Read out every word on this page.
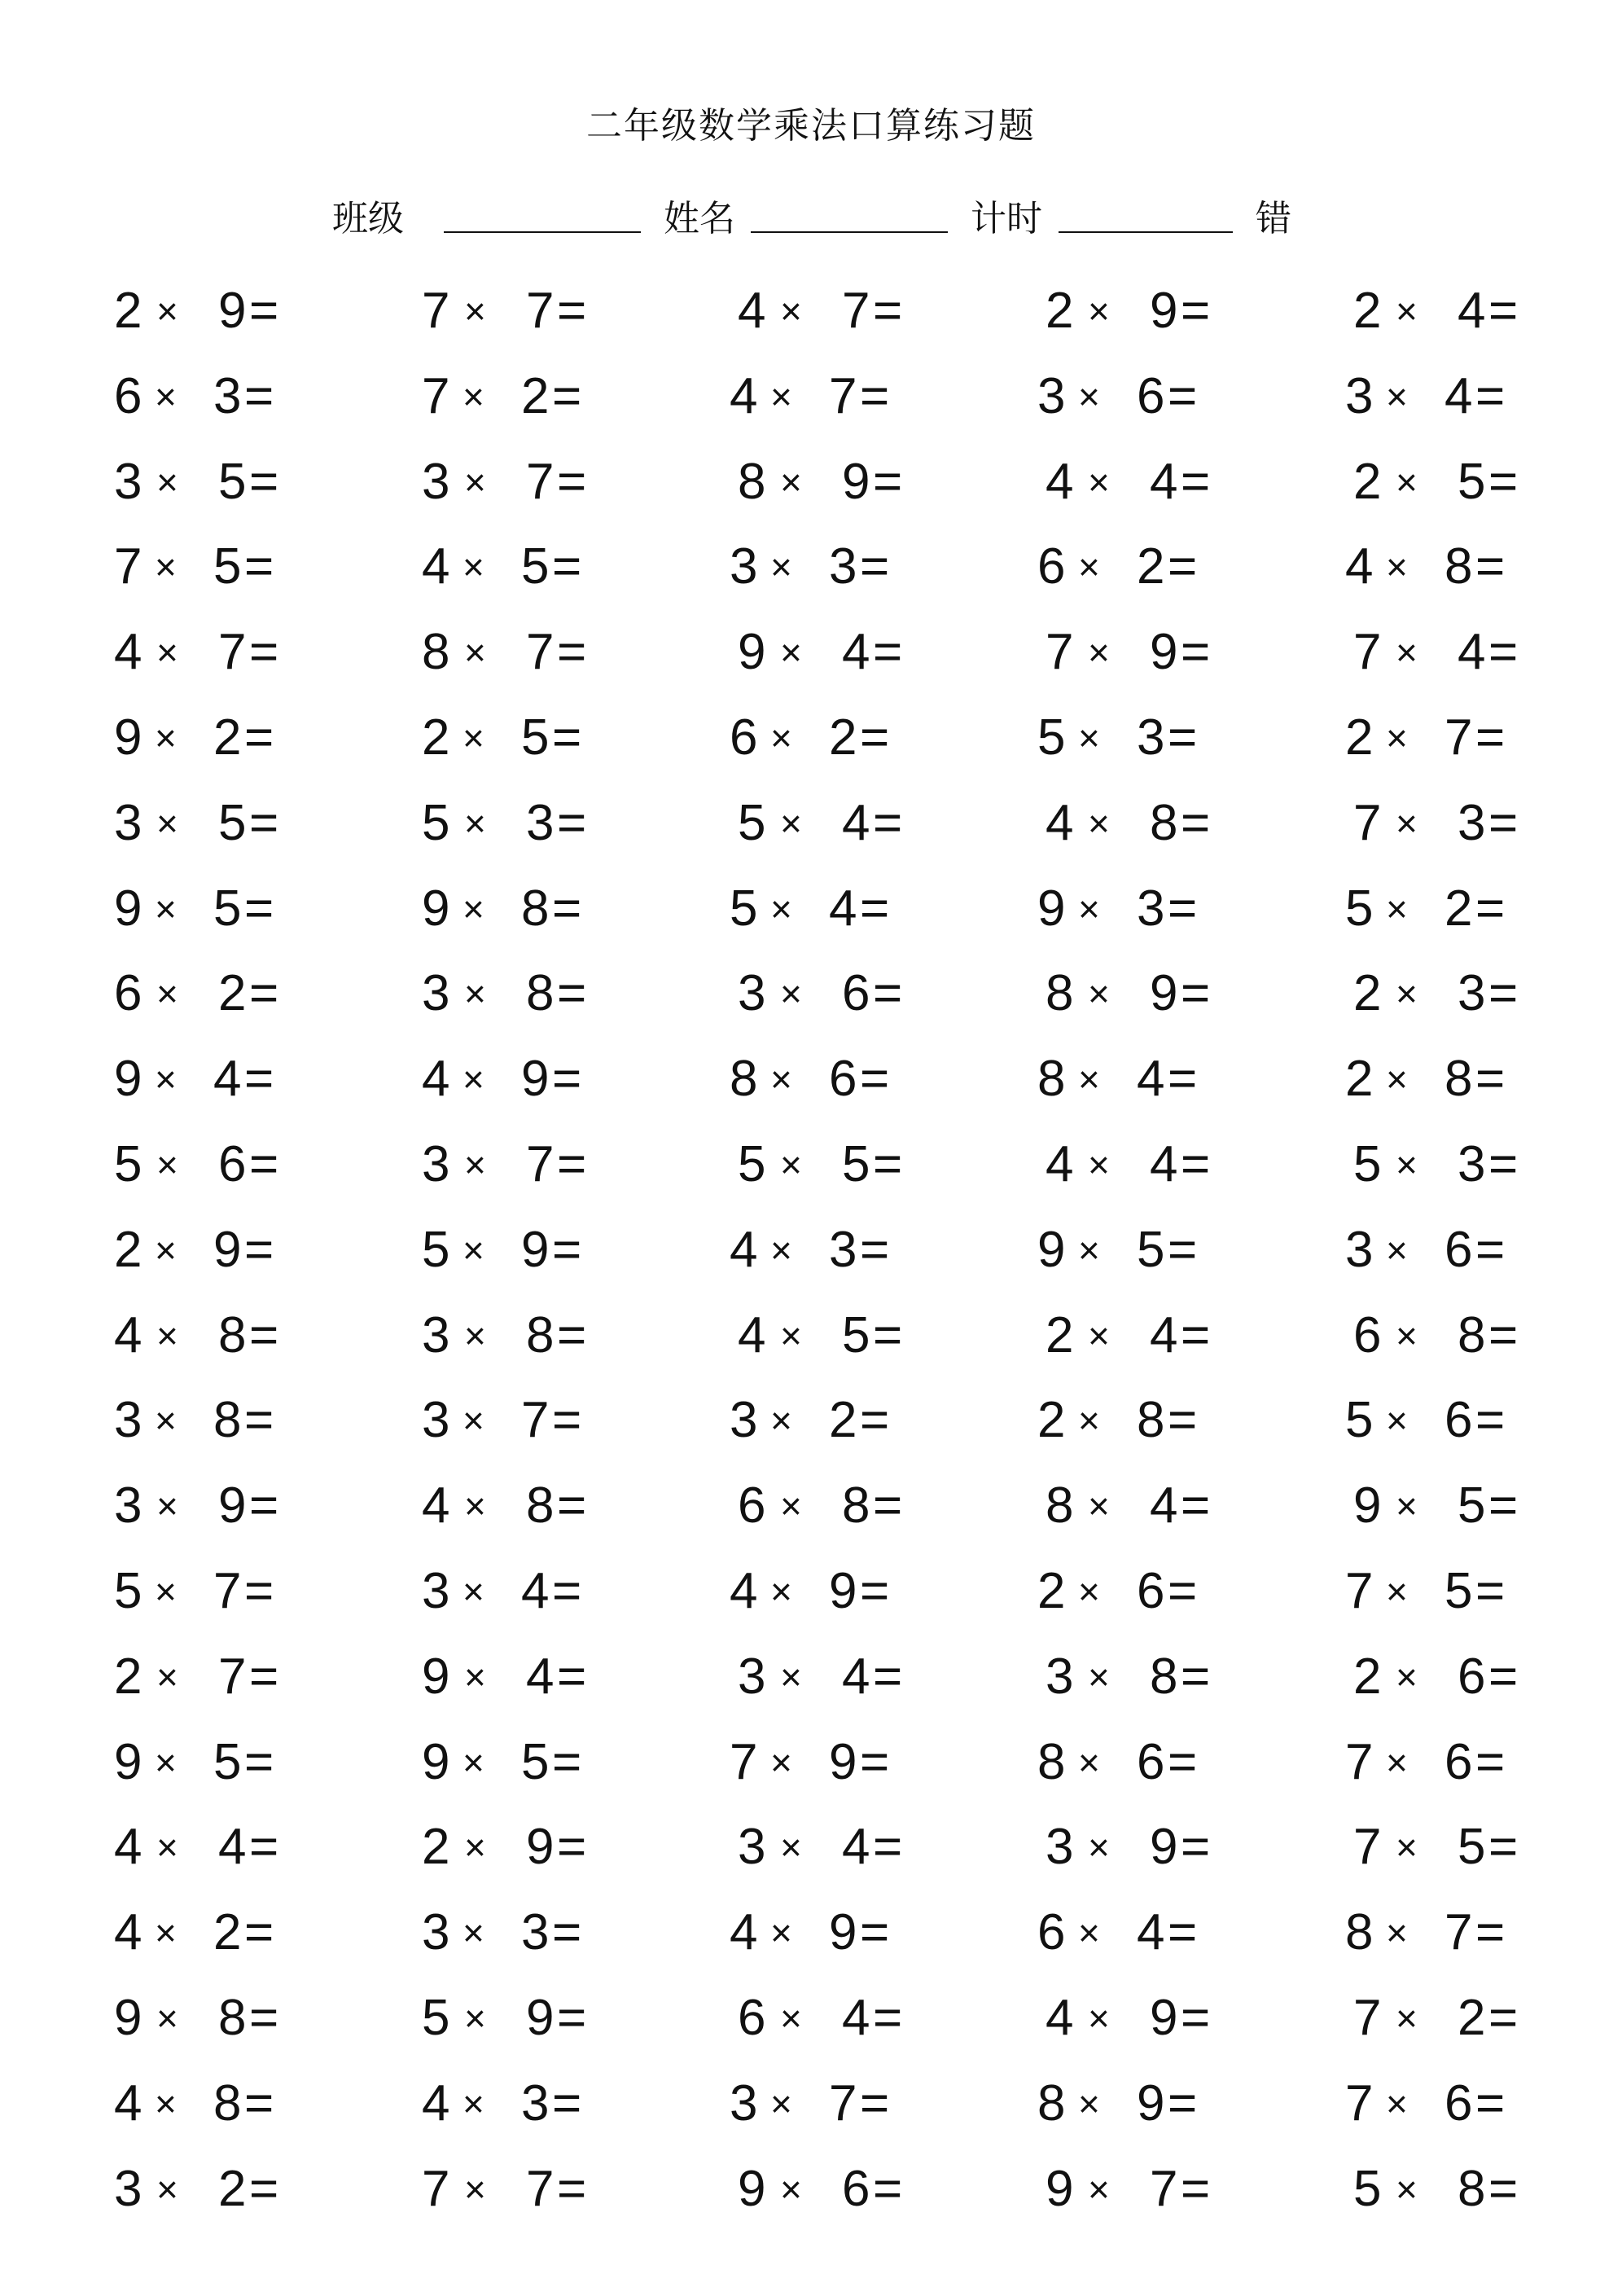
二年级数学乘法口算练习题
班级	姓名	计时	错
2 × 9 =	7 × 7 =	4 × 7 =	2 × 9 =	2 × 4 =
6 × 3 =	7 × 2 =	4 × 7 =	3 × 6 =	3 × 4 =
3 × 5 =	3 × 7 =	8 × 9 =	4 × 4 =	2 × 5 =
7 × 5 =	4 × 5 =	3 × 3 =	6 × 2 =	4 × 8 =
4 × 7 =	8 × 7 =	9 × 4 =	7 × 9 =	7 × 4 =
9 × 2 =	2 × 5 =	6 × 2 =	5 × 3 =	2 × 7 =
3 × 5 =	5 × 3 =	5 × 4 =	4 × 8 =	7 × 3 =
9 × 5 =	9 × 8 =	5 × 4 =	9 × 3 =	5 × 2 =
6 × 2 =	3 × 8 =	3 × 6 =	8 × 9 =	2 × 3 =
9 × 4 =	4 × 9 =	8 × 6 =	8 × 4 =	2 × 8 =
5 × 6 =	3 × 7 =	5 × 5 =	4 × 4 =	5 × 3 =
2 × 9 =	5 × 9 =	4 × 3 =	9 × 5 =	3 × 6 =
4 × 8 =	3 × 8 =	4 × 5 =	2 × 4 =	6 × 8 =
3 × 8 =	3 × 7 =	3 × 2 =	2 × 8 =	5 × 6 =
3 × 9 =	4 × 8 =	6 × 8 =	8 × 4 =	9 × 5 =
5 × 7 =	3 × 4 =	4 × 9 =	2 × 6 =	7 × 5 =
2 × 7 =	9 × 4 =	3 × 4 =	3 × 8 =	2 × 6 =
9 × 5 =	9 × 5 =	7 × 9 =	8 × 6 =	7 × 6 =
4 × 4 =	2 × 9 =	3 × 4 =	3 × 9 =	7 × 5 =
4 × 2 =	3 × 3 =	4 × 9 =	6 × 4 =	8 × 7 =
9 × 8 =	5 × 9 =	6 × 4 =	4 × 9 =	7 × 2 =
4 × 8 =	4 × 3 =	3 × 7 =	8 × 9 =	7 × 6 =
3 × 2 =	7 × 7 =	9 × 6 =	9 × 7 =	5 × 8 =
